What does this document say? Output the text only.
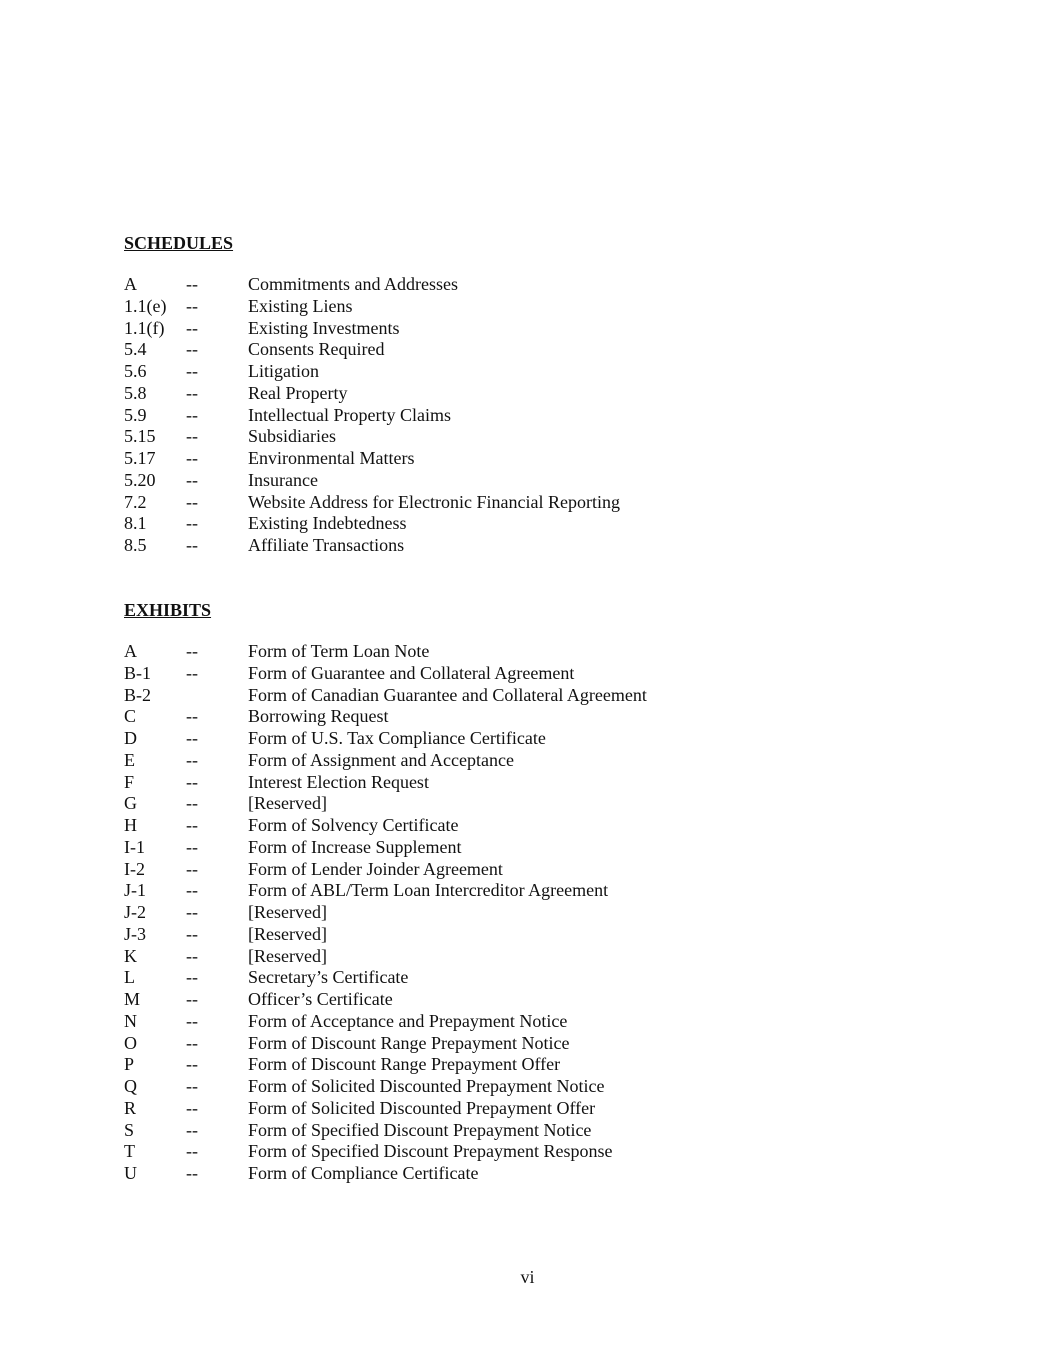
SCHEDULES
A	--	Commitments and Addresses
1.1(e) --	Existing Liens
1.1(f) --	Existing Investments
5.4 --	Consents Required
5.6 --	Litigation
5.8 --	Real Property
5.9 --	Intellectual Property Claims
5.15 --	Subsidiaries
5.17 --	Environmental Matters
5.20 --	Insurance
7.2 --	Website Address for Electronic Financial Reporting
8.1 --	Existing Indebtedness
8.5 --	Affiliate Transactions
EXHIBITS
A	--	Form of Term Loan Note
B-1 --	Form of Guarantee and Collateral Agreement
B-2	Form of Canadian Guarantee and Collateral Agreement
C	--	Borrowing Request
D	--	Form of U.S. Tax Compliance Certificate
E	--	Form of Assignment and Acceptance
F	--	Interest Election Request
G	--	[Reserved]
H	--	Form of Solvency Certificate
I-1 --	Form of Increase Supplement
I-2 --	Form of Lender Joinder Agreement
J-1 --	Form of ABL/Term Loan Intercreditor Agreement
J-2 --	[Reserved]
J-3 --	[Reserved]
K	--	[Reserved]
L	--	Secretary’s Certificate
M	--	Officer’s Certificate
N	--	Form of Acceptance and Prepayment Notice
O	--	Form of Discount Range Prepayment Notice
P	--	Form of Discount Range Prepayment Offer
Q	--	Form of Solicited Discounted Prepayment Notice
R	--	Form of Solicited Discounted Prepayment Offer
S	--	Form of Specified Discount Prepayment Notice
T	--	Form of Specified Discount Prepayment Response
U	--	Form of Compliance Certificate
vi
